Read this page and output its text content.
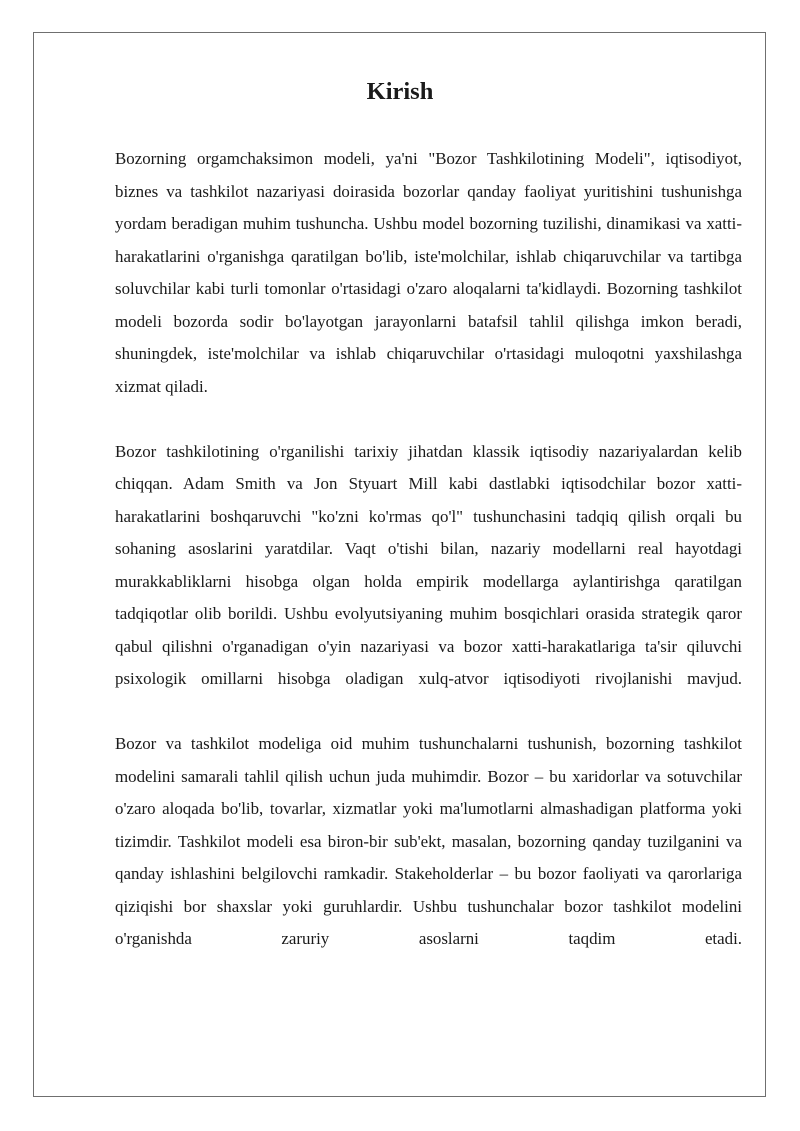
Kirish

Bozorning orgamchaksimon modeli, ya'ni "Bozor Tashkilotining Modeli", iqtisodiyot, biznes va tashkilot nazariyasi doirasida bozorlar qanday faoliyat yuritishini tushunishga yordam beradigan muhim tushuncha. Ushbu model bozorning tuzilishi, dinamikasi va xatti-harakatlarini o'rganishga qaratilgan bo'lib, iste'molchilar, ishlab chiqaruvchilar va tartibga soluvchilar kabi turli tomonlar o'rtasidagi o'zaro aloqalarni ta'kidlaydi. Bozorning tashkilot modeli bozorda sodir bo'layotgan jarayonlarni batafsil tahlil qilishga imkon beradi, shuningdek, iste'molchilar va ishlab chiqaruvchilar o'rtasidagi muloqotni yaxshilashga xizmat qiladi.

Bozor tashkilotining o'rganilishi tarixiy jihatdan klassik iqtisodiy nazariyalardan kelib chiqqan. Adam Smith va Jon Styuart Mill kabi dastlabki iqtisodchilar bozor xatti-harakatlarini boshqaruvchi "ko'zni ko'rmas qo'l" tushunchasini tadqiq qilish orqali bu sohaning asoslarini yaratdilar. Vaqt o'tishi bilan, nazariy modellarni real hayotdagi murakkabliklarni hisobga olgan holda empirik modellarga aylantirishga qaratilgan tadqiqotlar olib borildi. Ushbu evolyutsiyaning muhim bosqichlari orasida strategik qaror qabul qilishni o'rganadigan o'yin nazariyasi va bozor xatti-harakatlariga ta'sir qiluvchi psixologik omillarni hisobga oladigan xulq-atvor iqtisodiyoti rivojlanishi mavjud.

Bozor va tashkilot modeliga oid muhim tushunchalarni tushunish, bozorning tashkilot modelini samarali tahlil qilish uchun juda muhimdir. Bozor – bu xaridorlar va sotuvchilar o'zaro aloqada bo'lib, tovarlar, xizmatlar yoki ma'lumotlarni almashadigan platforma yoki tizimdir. Tashkilot modeli esa biron-bir sub'ekt, masalan, bozorning qanday tuzilganini va qanday ishlashini belgilovchi ramkadir. Stakeholderlar – bu bozor faoliyati va qarorlariga qiziqishi bor shaxslar yoki guruhlardir. Ushbu tushunchalar bozor tashkilot modelini o'rganishda zaruriy asoslarni taqdim etadi.
